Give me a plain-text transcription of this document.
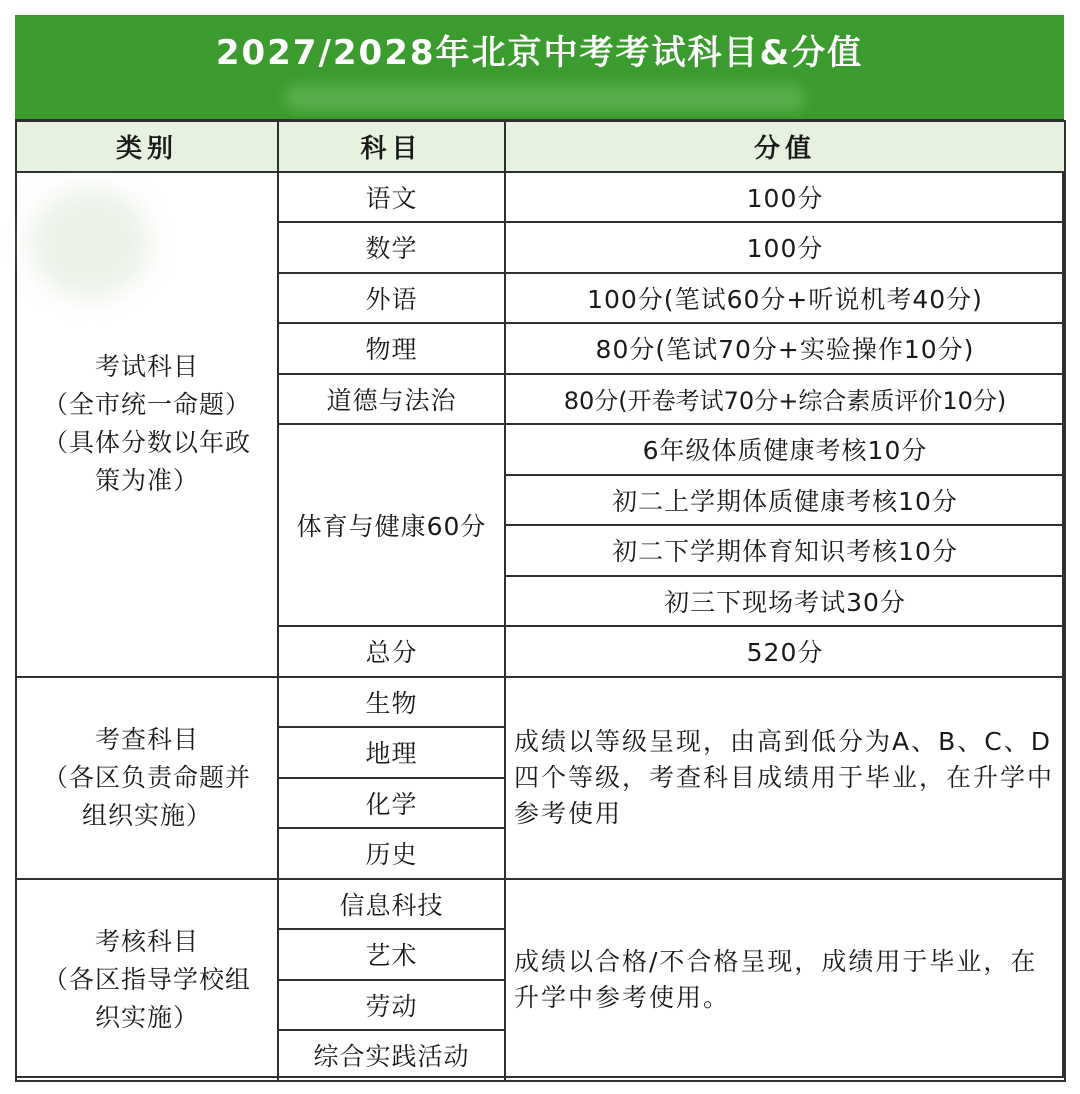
2027/2028年北京中考考试科目&分值
类别	科目	分值

考试科目
（全市统一命题）
（具体分数以年政
策为准）	语文	100分
	数学	100分
	外语	100分(笔试60分+听说机考40分)
	物理	80分(笔试70分+实验操作10分)
	道德与法治	80分(开卷考试70分+综合素质评价10分)
	体育与健康60分	6年级体质健康考核10分
		初二上学期体质健康考核10分
		初二下学期体育知识考核10分
		初三下现场考试30分
	总分	520分

考查科目
（各区负责命题并
组织实施）	生物	成绩以等级呈现，由高到低分为A、B、C、D四个等级，考查科目成绩用于毕业，在升学中参考使用
	地理	
	化学	
	历史	

考核科目
（各区指导学校组
织实施）	信息科技	成绩以合格/不合格呈现，成绩用于毕业，在升学中参考使用。
	艺术	
	劳动	
	综合实践活动	
